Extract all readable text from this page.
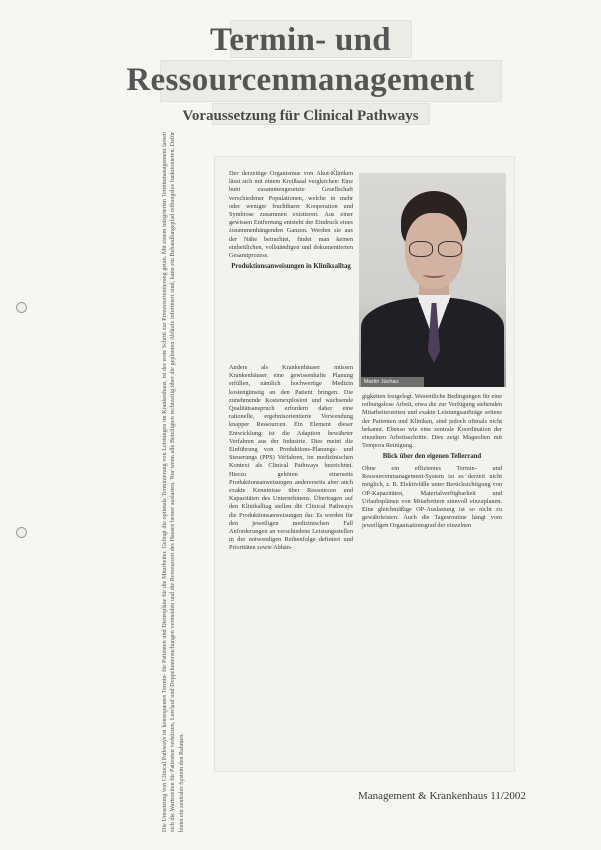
Termin- und
Ressourcenmanagement
Voraussetzung für Clinical Pathways
Die Umsetzung von Clinical Pathways ist konsequentes Termin- für Patienten und Dienstpläne für die Mitarbeiter. Gelingt die optimale Terminierung von Leistungen im Krankenhaus, ist der erste Schritt zur Prozessorientierung getan. Mit einem integrierten Terminmanagement lassen sich die Wartezeiten für Patienten verkürzen, Leerlauf und Doppeluntersuchungen vermeiden und die Ressourcen des Hauses besser auslasten. Nur wenn alle Beteiligten rechtzeitig über die geplanten Abläufe informiert sind, kann ein Behandlungspfad reibungslos funktionieren. Dafür bietet ein zentrales System den Rahmen.

Der derzeitige Organismus von Akut-Kliniken lässt sich mit einem Kreißsaal vergleichen: Eine bunt zusammengesetzte Gesellschaft verschiedener Populationen, welche in mehr oder weniger fruchtbarer Kooperation und Symbiose zusammen existieren. Aus einer gewissen Entfernung entsteht der Eindruck eines zusammenhängenden Ganzen. Werden sie aus der Nähe betrachtet, findet man keinen einheitlichen, vollständigen und dokumentierten Gesamtprozess.

Produktionsanweisungen in Kliniksalltag

Anders als Krankenhäuser müssen Krankenhäuser eine gewissenhafte Planung erfüllen, nämlich hochwertige Medizin kostengünstig an den Patient bringen. Die zunehmende Kostenexplosion und wachsende Qualitätsanspruch erfordern daher eine rationelle, ergebnisorientierte Verwendung knapper Ressourcen. Ein Element dieser Entwicklung ist die Adaption bewährter Verfahren aus der Industrie. Dies meint die Einführung von Produktions-Planungs- und Steuerungs (PPS) Verfahren, im medizinischen Kontext als Clinical Pathways bezeichnet. Hierzu gehören einerseits Produktionsanweisungen andererseits aber auch exakte Kenntnisse über Ressourcen und Kapazitäten des Unternehmens. Übertragen auf den Klinikalltag stellen die Clinical Pathways die Produktionsanweisungen dar. Es werden für den jeweiligen medizinischen Fall Anforderungen an verschiedene Leistungsstellen in der notwendigen Reihenfolge definiert und Prioritäten sowie Abhän-

Martin Jüchau

gigkeiten festgelegt. Wesentliche Bedingungen für eine reibungslose Arbeit, etwa die zur Verfügung stehenden Mitarbeiterzeiten und exakte Leistungsaufträge seitens der Patienten und Kliniken, sind jedoch oftmals nicht bekannt. Ebenso wie eine zentrale Koordination der einzelnen Arbeitsschritte. Dies zeigt Magnolien mit Tempora Reinigung.

Blick über den eigenen Tellerrand

Ohne ein effizientes Termin- und Ressourcenmanagement-System ist es derzeit nicht möglich, z. B. Elektivfälle unter Berücksichtigung von OP-Kapazitäten, Materialverfügbarkeit und Urlaubsplänen von Mitarbeitern sinnvoll einzuplanen. Eine gleichmäßige OP-Auslastung ist so nicht zu gewährleisten. Auch die Tagesroutine hängt vom jeweiligen Organisationsgrad der einzelnen

Management & Krankenhaus 11/2002
